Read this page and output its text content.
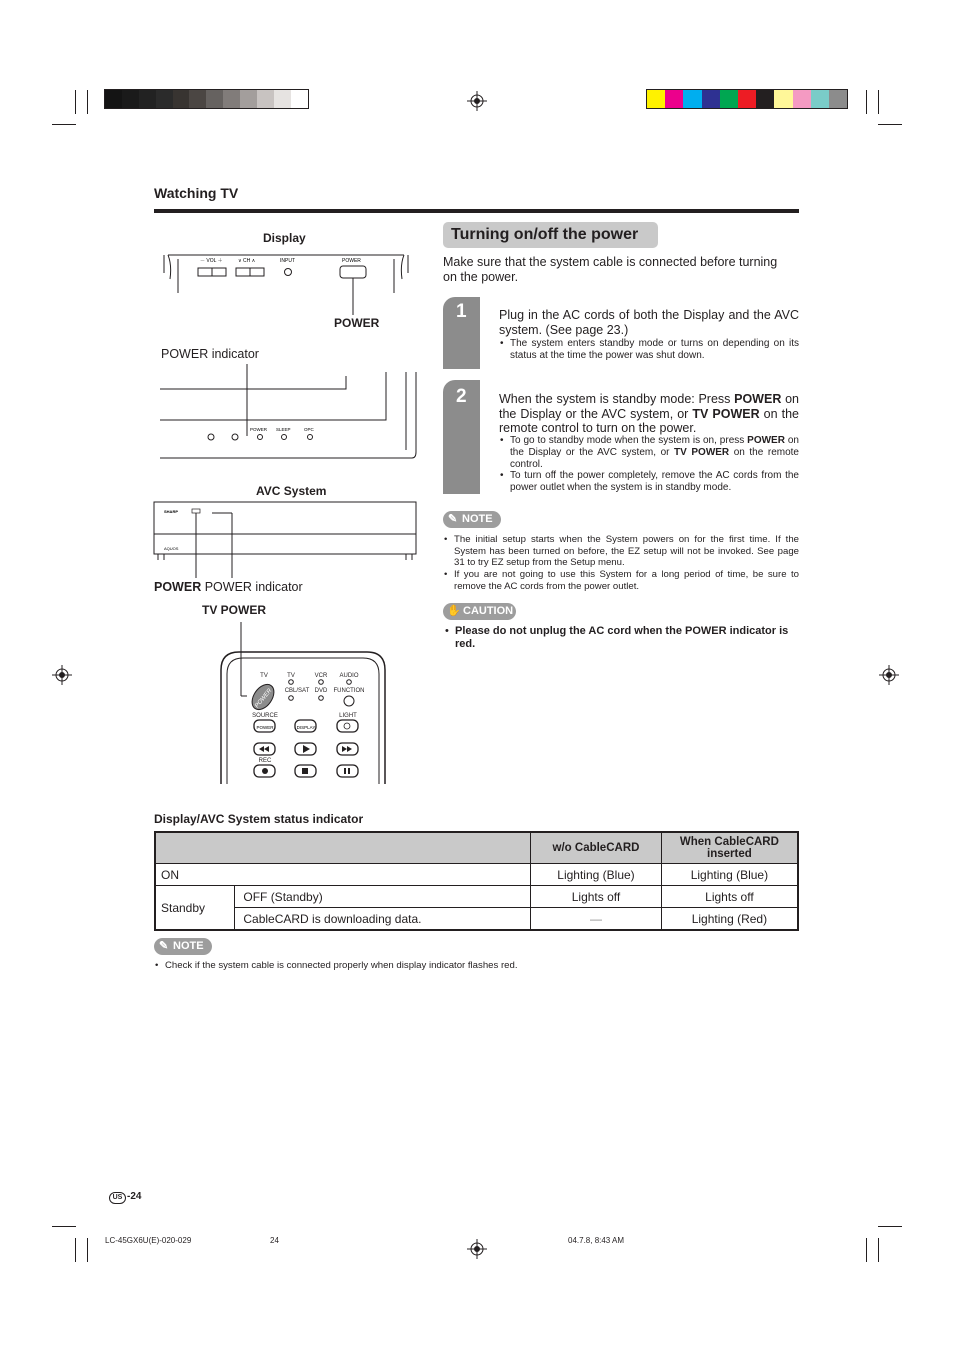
Watching TV
Display
－ VOL ＋	∨ CH ∧	INPUT	POWER
POWER
POWER indicator
POWER SLEEP	OPC
AVC System
SHARP
AQUOS
POWER POWER indicator
TV POWER
TV	TV	VCR AUDIO
CBL/SAT DVD FUNCTION
SOURCE	LIGHT
REC
POWER
POWER	DISPLAY
Turning on/off the power
Make sure that the system cable is connected before turning on the power.
1	Plug in the AC cords of both the Display and the AVC system. (See page 23.)
• The system enters standby mode or turns on depending on its status at the time the power was shut down.
2	When the system is standby mode: Press POWER on the Display or the AVC system, or TV POWER on the remote control to turn on the power.
• To go to standby mode when the system is on, press POWER on the Display or the AVC system, or TV POWER on the remote control.
• To turn off the power completely, remove the AC cords from the power outlet when the system is in standby mode.
✎ NOTE
• The initial setup starts when the System powers on for the first time. If the System has been turned on before, the EZ setup will not be invoked. See page 31 to try EZ setup from the Setup menu.
• If you are not going to use this System for a long period of time, be sure to remove the AC cords from the power outlet.
✋ CAUTION
• Please do not unplug the AC cord when the POWER indicator is red.
Display/AVC System status indicator
		w/o CableCARD	When CableCARD inserted
ON		Lighting (Blue)	Lighting (Blue)
Standby	OFF (Standby)	Lights off	Lights off
	CableCARD is downloading data.	—	Lighting (Red)
✎ NOTE
• Check if the system cable is connected properly when display indicator flashes red.
US -24
LC-45GX6U(E)-020-029	24	04.7.8, 8:43 AM
